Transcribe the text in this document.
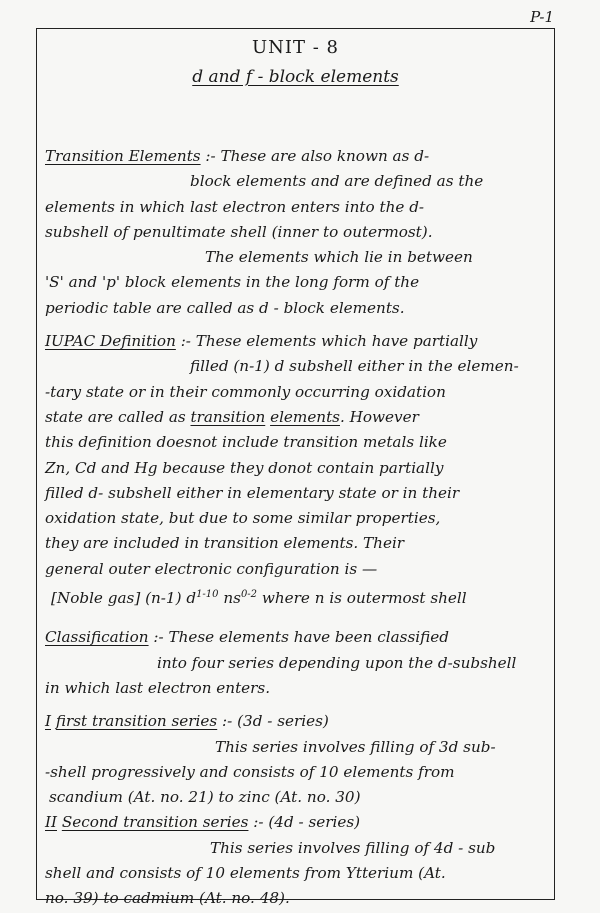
P-1
UNIT - 8
d and f - block elements
Transition Elements :- These are also known as d-
block elements and are defined as the
elements in which last electron enters into the d-
subshell of penultimate shell (inner to outermost).
The elements which lie in between
'S' and 'p' block elements in the long form of the
periodic table are called as d - block elements.
IUPAC Definition :- These elements which have partially
filled (n-1) d subshell either in the elemen-
-tary state or in their commonly occurring oxidation
state are called as transition elements. However
this definition doesnot include transition metals like
Zn, Cd and Hg because they donot contain partially
filled d- subshell either in elementary state or in their
oxidation state, but due to some similar properties,
they are included in transition elements. Their
general outer electronic configuration is —
[Noble gas] (n-1) $d^{1-10}$ $ns^{0-2}$ where n is outermost shell
Classification :- These elements have been classified
into four series depending upon the d-subshell
in which last electron enters.
I first transition series :- (3d - series)
This series involves filling of 3d sub-
-shell progressively and consists of 10 elements from
scandium (At. no. 21) to zinc (At. no. 30)
II Second transition series :- (4d - series)
This series involves filling of 4d - sub
shell and consists of 10 elements from Ytterium (At.
no. 39) to cadmium (At. no. 48).
